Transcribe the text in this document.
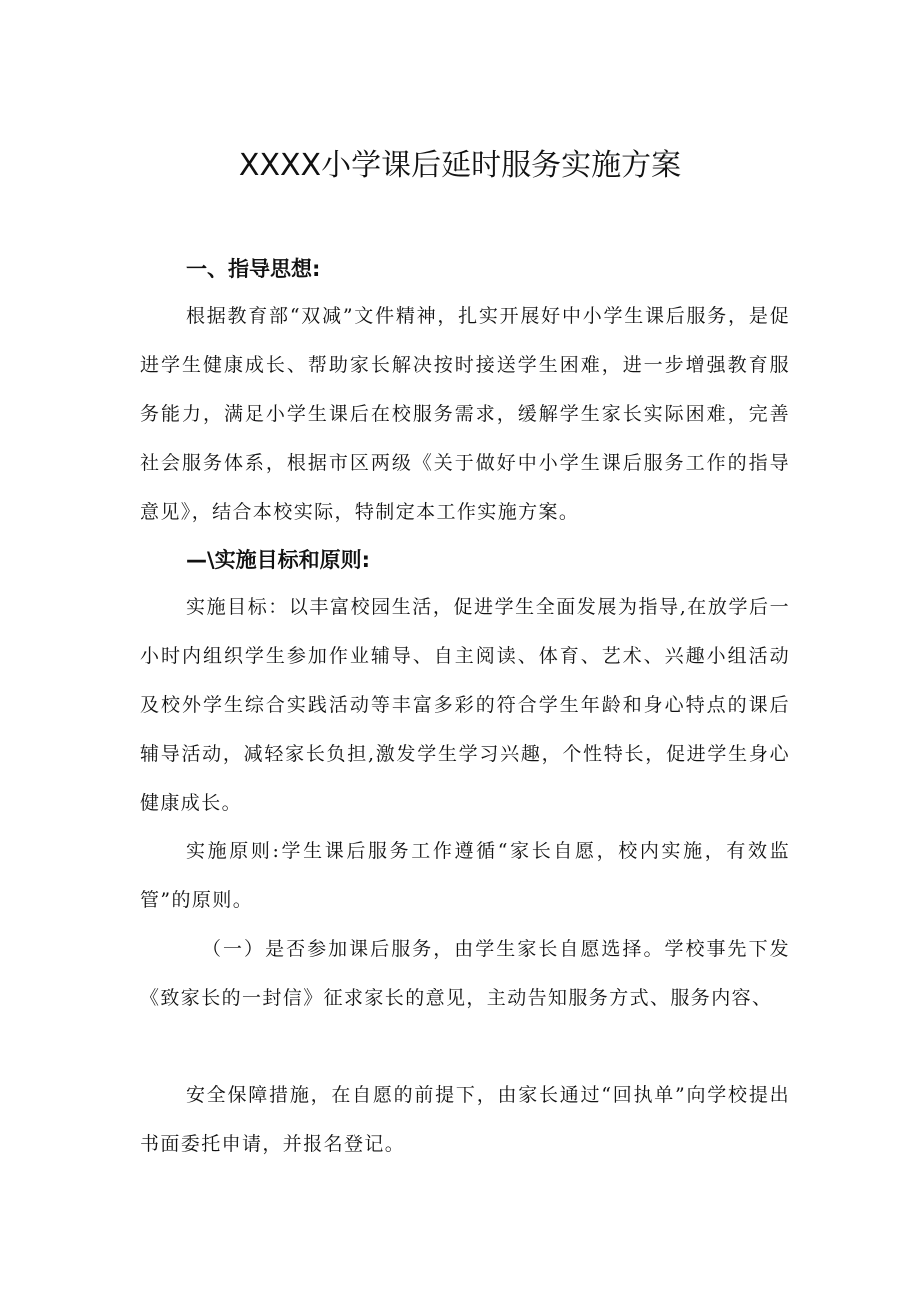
XXXX小学课后延时服务实施方案
一、指导思想:

根据教育部“双减”文件精神，扎实开展好中小学生课后服务，是促进学生健康成长、帮助家长解决按时接送学生困难，进一步增强教育服务能力，满足小学生课后在校服务需求，缓解学生家长实际困难，完善社会服务体系，根据市区两级《关于做好中小学生课后服务工作的指导意见》，结合本校实际，特制定本工作实施方案。

—\实施目标和原则:

实施目标：以丰富校园生活，促进学生全面发展为指导,在放学后一小时内组织学生参加作业辅导、自主阅读、体育、艺术、兴趣小组活动及校外学生综合实践活动等丰富多彩的符合学生年龄和身心特点的课后辅导活动，减轻家长负担,激发学生学习兴趣，个性特长，促进学生身心健康成长。

实施原则:学生课后服务工作遵循“家长自愿，校内实施，有效监管”的原则。

（一）是否参加课后服务，由学生家长自愿选择。学校事先下发《致家长的一封信》征求家长的意见，主动告知服务方式、服务内容、

安全保障措施，在自愿的前提下，由家长通过“回执单”向学校提出书面委托申请，并报名登记。
